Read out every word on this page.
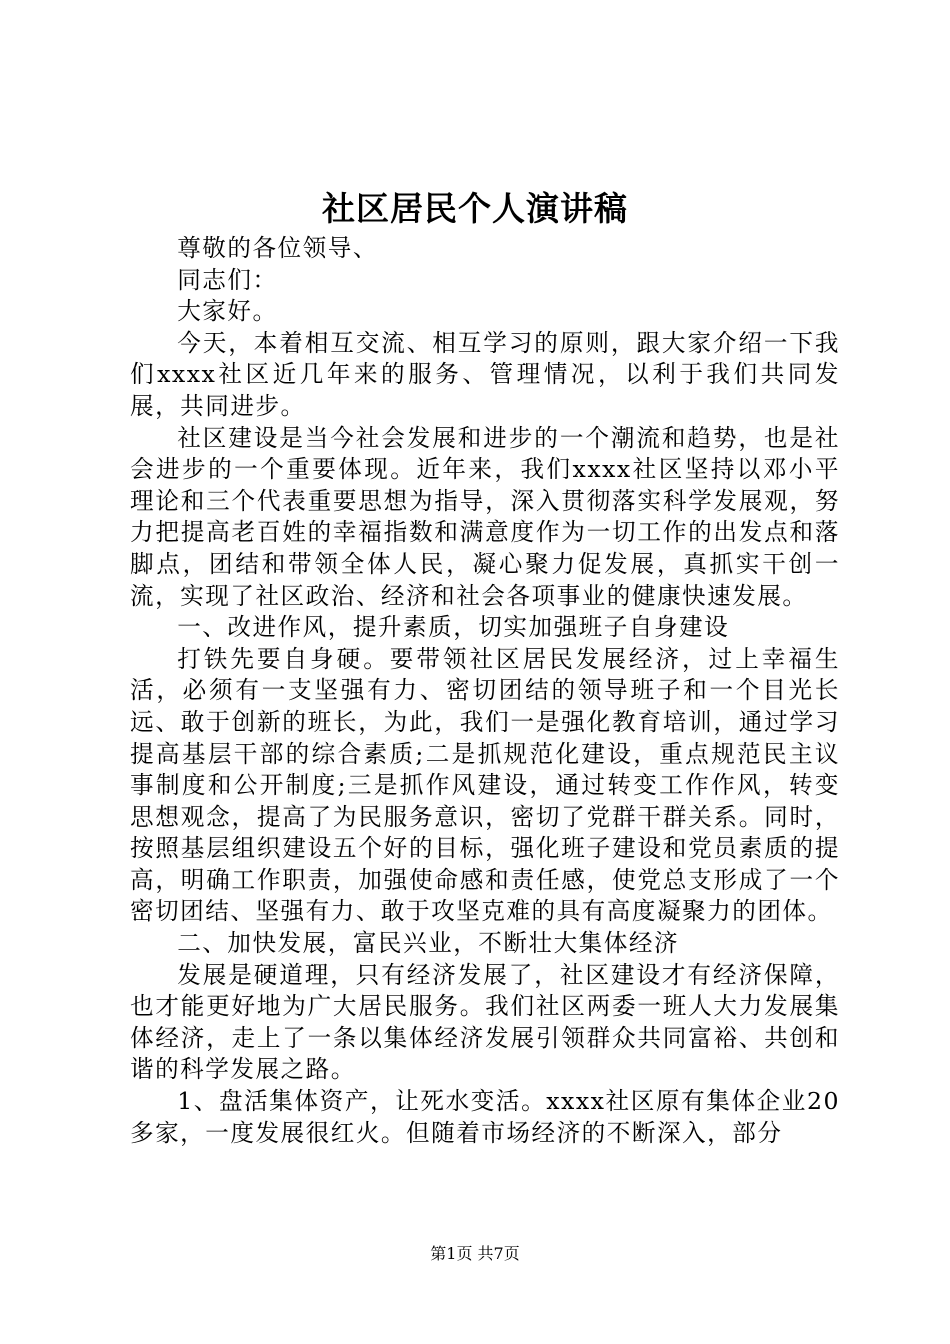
社区居民个人演讲稿

尊敬的各位领导、

同志们：

大家好。

今天，本着相互交流、相互学习的原则，跟大家介绍一下我们xxxx社区近几年来的服务、管理情况，以利于我们共同发展，共同进步。

社区建设是当今社会发展和进步的一个潮流和趋势，也是社会进步的一个重要体现。近年来，我们xxxx社区坚持以邓小平理论和三个代表重要思想为指导，深入贯彻落实科学发展观，努力把提高老百姓的幸福指数和满意度作为一切工作的出发点和落脚点，团结和带领全体人民，凝心聚力促发展，真抓实干创一流，实现了社区政治、经济和社会各项事业的健康快速发展。

一、改进作风，提升素质，切实加强班子自身建设

打铁先要自身硬。要带领社区居民发展经济，过上幸福生活，必须有一支坚强有力、密切团结的领导班子和一个目光长远、敢于创新的班长，为此，我们一是强化教育培训，通过学习提高基层干部的综合素质;二是抓规范化建设，重点规范民主议事制度和公开制度;三是抓作风建设，通过转变工作作风，转变思想观念，提高了为民服务意识，密切了党群干群关系。同时，按照基层组织建设五个好的目标，强化班子建设和党员素质的提高，明确工作职责，加强使命感和责任感，使党总支形成了一个密切团结、坚强有力、敢于攻坚克难的具有高度凝聚力的团体。

二、加快发展，富民兴业，不断壮大集体经济

发展是硬道理，只有经济发展了，社区建设才有经济保障，也才能更好地为广大居民服务。我们社区两委一班人大力发展集体经济，走上了一条以集体经济发展引领群众共同富裕、共创和谐的科学发展之路。

1、盘活集体资产，让死水变活。xxxx社区原有集体企业20多家，一度发展很红火。但随着市场经济的不断深入，部分

第1页 共7页
